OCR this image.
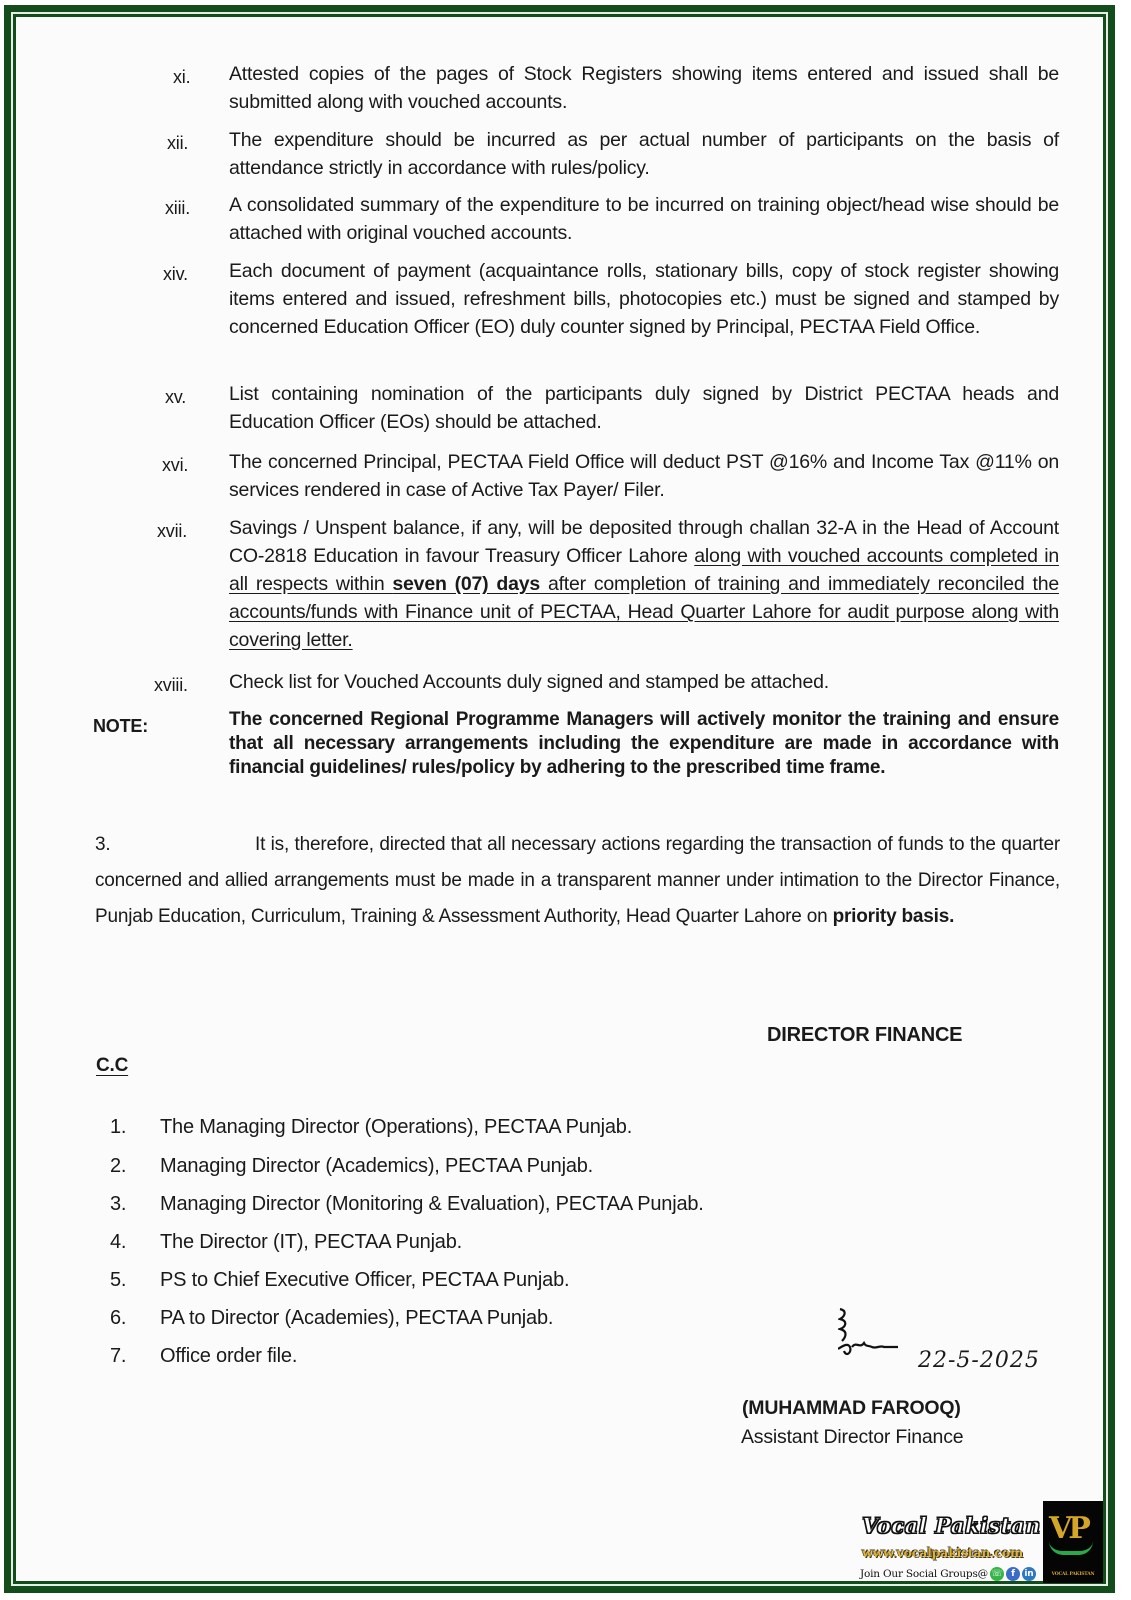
xi. Attested copies of the pages of Stock Registers showing items entered and issued shall be submitted along with vouched accounts.
xii. The expenditure should be incurred as per actual number of participants on the basis of attendance strictly in accordance with rules/policy.
xiii. A consolidated summary of the expenditure to be incurred on training object/head wise should be attached with original vouched accounts.
xiv. Each document of payment (acquaintance rolls, stationary bills, copy of stock register showing items entered and issued, refreshment bills, photocopies etc.) must be signed and stamped by concerned Education Officer (EO) duly counter signed by Principal, PECTAA Field Office.
xv. List containing nomination of the participants duly signed by District PECTAA heads and Education Officer (EOs) should be attached.
xvi. The concerned Principal, PECTAA Field Office will deduct PST @16% and Income Tax @11% on services rendered in case of Active Tax Payer/ Filer.
xvii. Savings / Unspent balance, if any, will be deposited through challan 32-A in the Head of Account CO-2818 Education in favour Treasury Officer Lahore along with vouched accounts completed in all respects within seven (07) days after completion of training and immediately reconciled the accounts/funds with Finance unit of PECTAA, Head Quarter Lahore for audit purpose along with covering letter.
xviii. Check list for Vouched Accounts duly signed and stamped be attached.
NOTE:	The concerned Regional Programme Managers will actively monitor the training and ensure that all necessary arrangements including the expenditure are made in accordance with financial guidelines/ rules/policy by adhering to the prescribed time frame.
3.	It is, therefore, directed that all necessary actions regarding the transaction of funds to the quarter concerned and allied arrangements must be made in a transparent manner under intimation to the Director Finance, Punjab Education, Curriculum, Training & Assessment Authority, Head Quarter Lahore on priority basis.
DIRECTOR FINANCE
C.C
1. The Managing Director (Operations), PECTAA Punjab.
2. Managing Director (Academics), PECTAA Punjab.
3. Managing Director (Monitoring & Evaluation), PECTAA Punjab.
4. The Director (IT), PECTAA Punjab.
5. PS to Chief Executive Officer, PECTAA Punjab.
6. PA to Director (Academies), PECTAA Punjab.
7. Office order file.	22-5-2025
(MUHAMMAD FAROOQ)
Assistant Director Finance
Vocal Pakistan
www.vocalpakistan.com
Join Our Social Groups@ ☏ f in
VP
VOCAL PAKISTAN
